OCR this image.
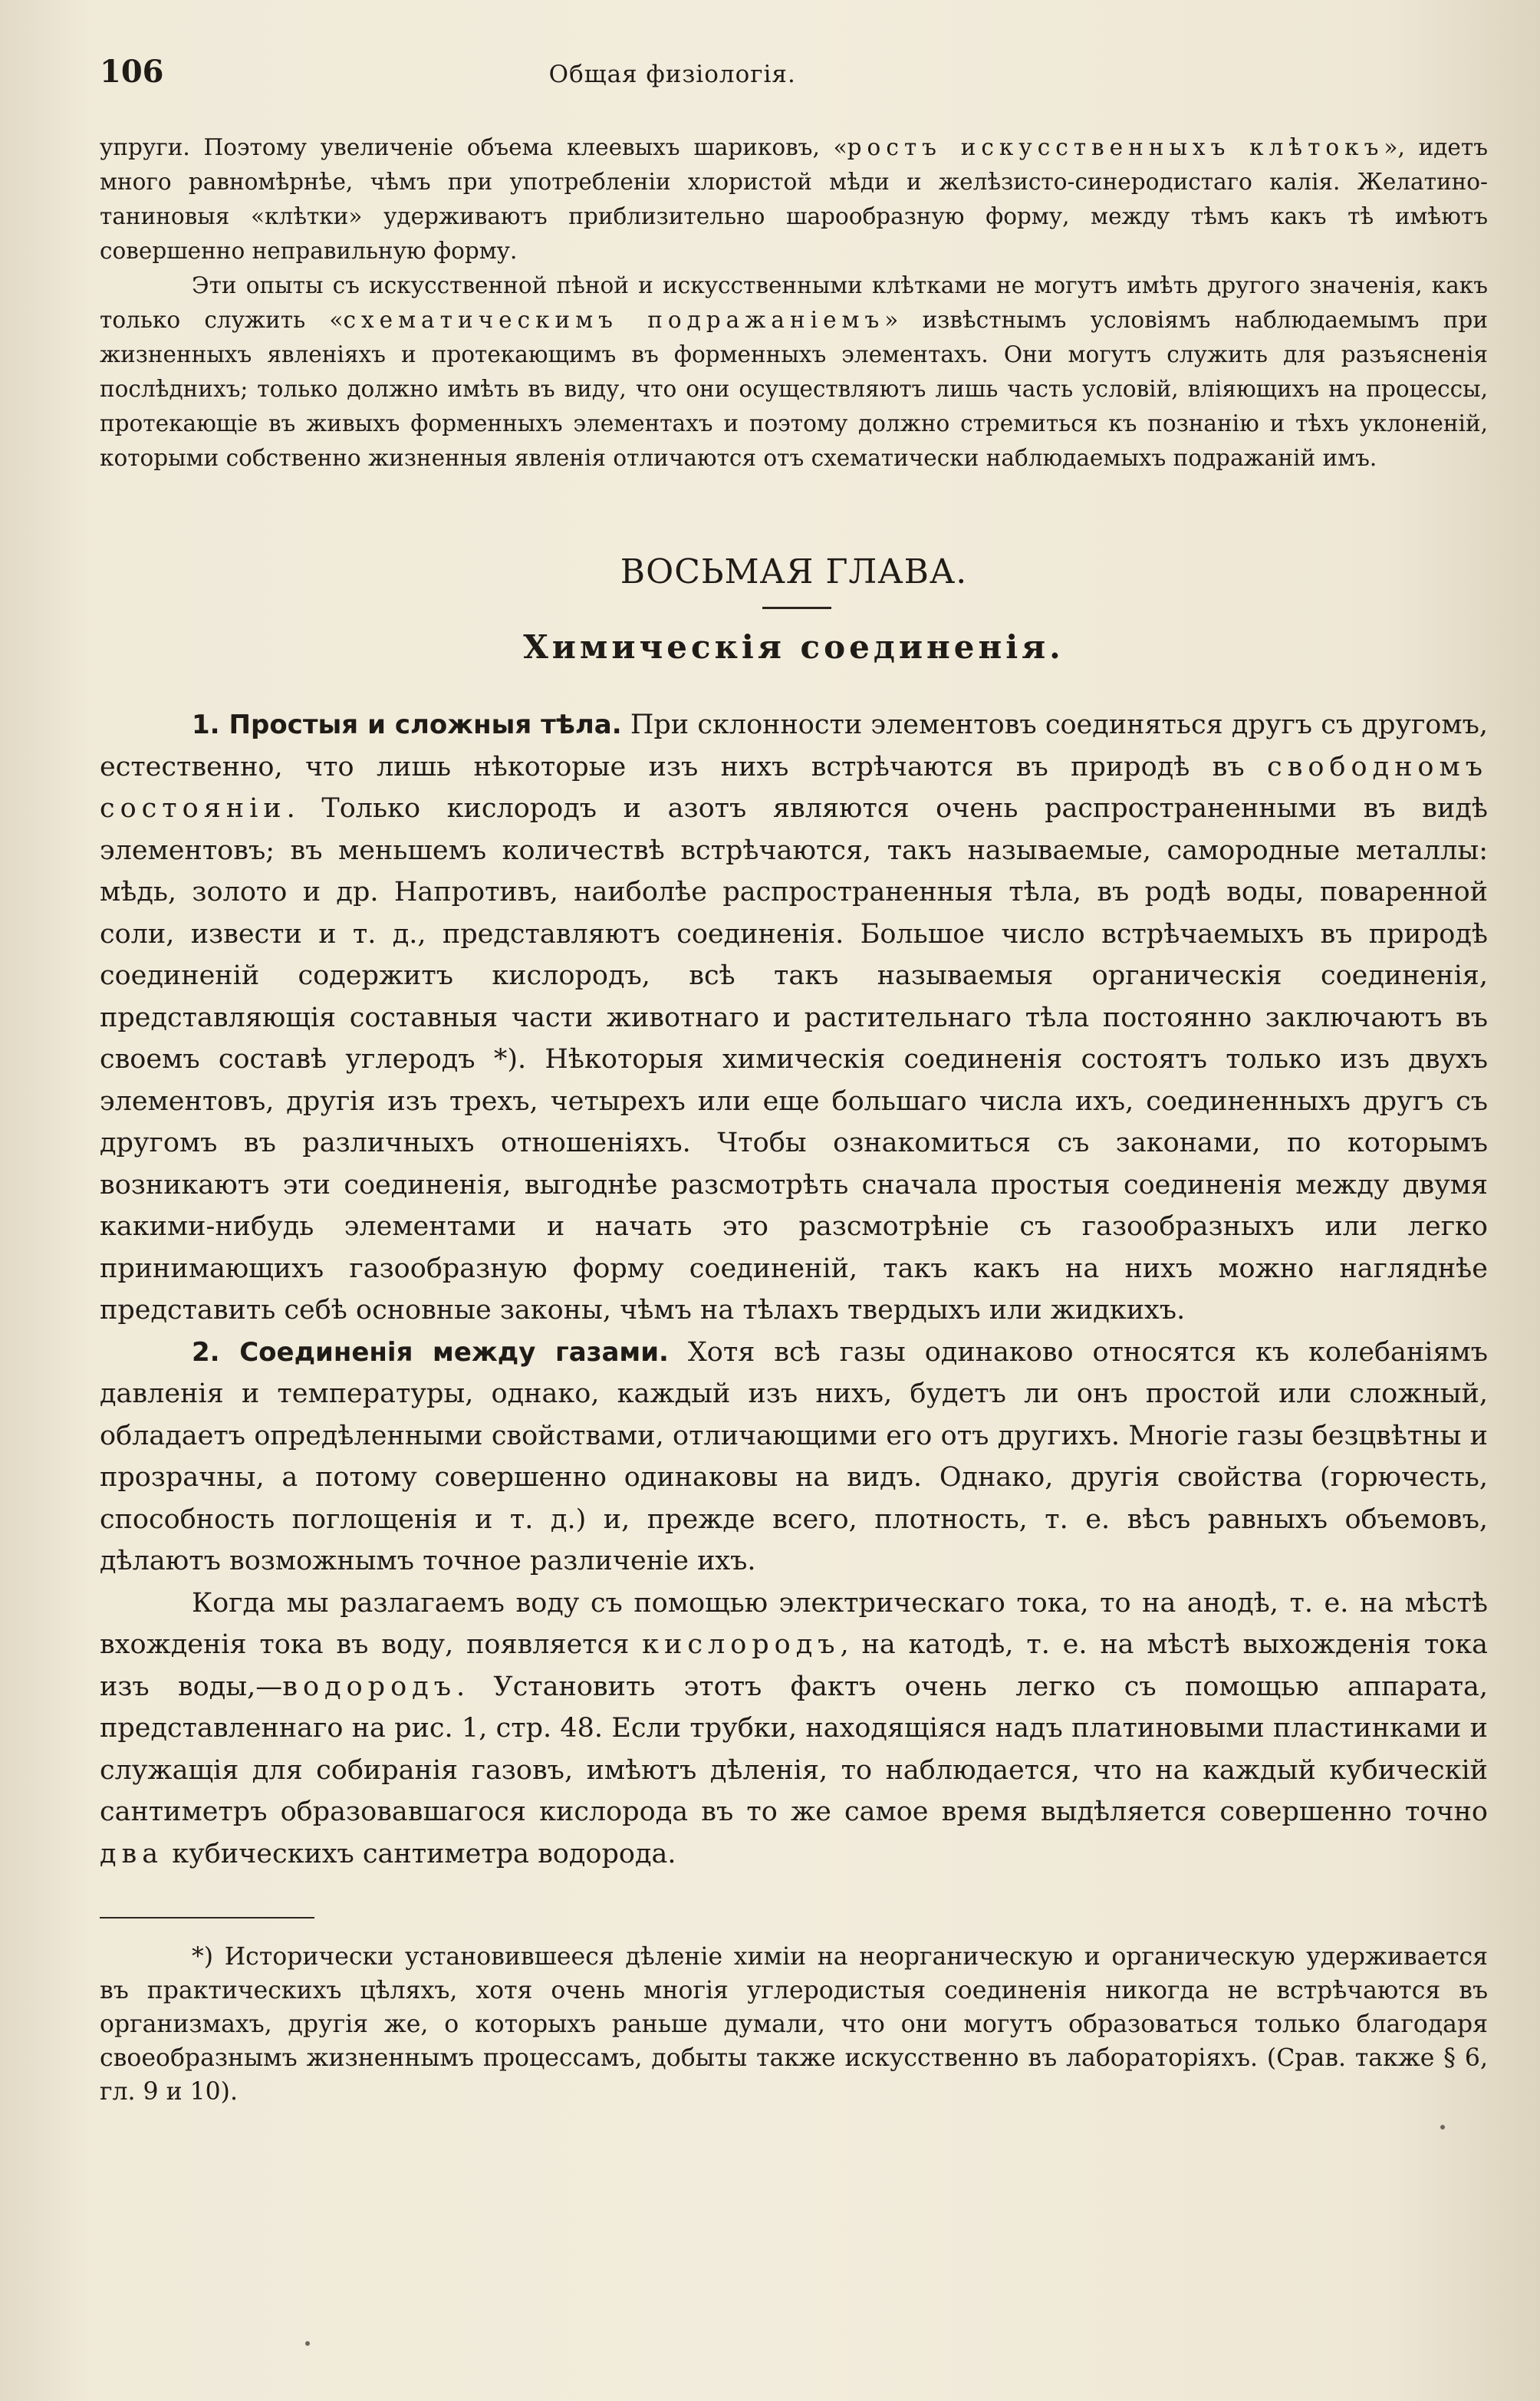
106	Общая физіологія.

упруги. Поэтому увеличеніе объема клеевыхъ шариковъ, «ростъ искусственныхъ клѣтокъ», идетъ много равномѣрнѣе, чѣмъ при употребленіи хлористой мѣди и желѣзисто-синеродистаго калія. Желатино-таниновыя «клѣтки» удерживаютъ приблизительно шарообразную форму, между тѣмъ какъ тѣ имѣютъ совершенно неправильную форму.

Эти опыты съ искусственной пѣной и искусственными клѣтками не могутъ имѣть другого значенія, какъ только служить «схематическимъ подражаніемъ» извѣстнымъ условіямъ наблюдаемымъ при жизненныхъ явленіяхъ и протекающимъ въ форменныхъ элементахъ. Они могутъ служить для разъясненія послѣднихъ; только должно имѣть въ виду, что они осуществляютъ лишь часть условій, вліяющихъ на процессы, протекающіе въ живыхъ форменныхъ элементахъ и поэтому должно стремиться къ познанію и тѣхъ уклоненій, которыми собственно жизненныя явленія отличаются отъ схематически наблюдаемыхъ подражаній имъ.

ВОСЬМАЯ ГЛАВА.
Химическія соединенія.

1. Простыя и сложныя тѣла. При склонности элементовъ соединяться другъ съ другомъ, естественно, что лишь нѣкоторые изъ нихъ встрѣчаются въ природѣ въ свободномъ состояніи. Только кислородъ и азотъ являются очень распространенными въ видѣ элементовъ; въ меньшемъ количествѣ встрѣчаются, такъ называемые, самородные металлы: мѣдь, золото и др. Напротивъ, наиболѣе распространенныя тѣла, въ родѣ воды, поваренной соли, извести и т. д., представляютъ соединенія. Большое число встрѣчаемыхъ въ природѣ соединеній содержитъ кислородъ, всѣ такъ называемыя органическія соединенія, представляющія составныя части животнаго и растительнаго тѣла постоянно заключаютъ въ своемъ составѣ углеродъ *). Нѣкоторыя химическія соединенія состоятъ только изъ двухъ элементовъ, другія изъ трехъ, четырехъ или еще большаго числа ихъ, соединенныхъ другъ съ другомъ въ различныхъ отношеніяхъ. Чтобы ознакомиться съ законами, по которымъ возникаютъ эти соединенія, выгоднѣе разсмотрѣть сначала простыя соединенія между двумя какими-нибудь элементами и начать это разсмотрѣніе съ газообразныхъ или легко принимающихъ газообразную форму соединеній, такъ какъ на нихъ можно нагляднѣе представить себѣ основные законы, чѣмъ на тѣлахъ твердыхъ или жидкихъ.

2. Соединенія между газами. Хотя всѣ газы одинаково относятся къ колебаніямъ давленія и температуры, однако, каждый изъ нихъ, будетъ ли онъ простой или сложный, обладаетъ опредѣленными свойствами, отличающими его отъ другихъ. Многіе газы безцвѣтны и прозрачны, а потому совершенно одинаковы на видъ. Однако, другія свойства (горючесть, способность поглощенія и т. д.) и, прежде всего, плотность, т. е. вѣсъ равныхъ объемовъ, дѣлаютъ возможнымъ точное различеніе ихъ.

Когда мы разлагаемъ воду съ помощью электрическаго тока, то на анодѣ, т. е. на мѣстѣ вхожденія тока въ воду, появляется кислородъ, на катодѣ, т. е. на мѣстѣ выхожденія тока изъ воды,—водородъ. Установить этотъ фактъ очень легко съ помощью аппарата, представленнаго на рис. 1, стр. 48. Если трубки, находящіяся надъ платиновыми пластинками и служащія для собиранія газовъ, имѣютъ дѣленія, то наблюдается, что на каждый кубическій сантиметръ образовавшагося кислорода въ то же самое время выдѣляется совершенно точно два кубическихъ сантиметра водорода.

*) Исторически установившееся дѣленіе химіи на неорганическую и органическую удерживается въ практическихъ цѣляхъ, хотя очень многія углеродистыя соединенія никогда не встрѣчаются въ организмахъ, другія же, о которыхъ раньше думали, что они могутъ образоваться только благодаря своеобразнымъ жизненнымъ процессамъ, добыты также искусственно въ лабораторіяхъ. (Срав. также § 6, гл. 9 и 10).
